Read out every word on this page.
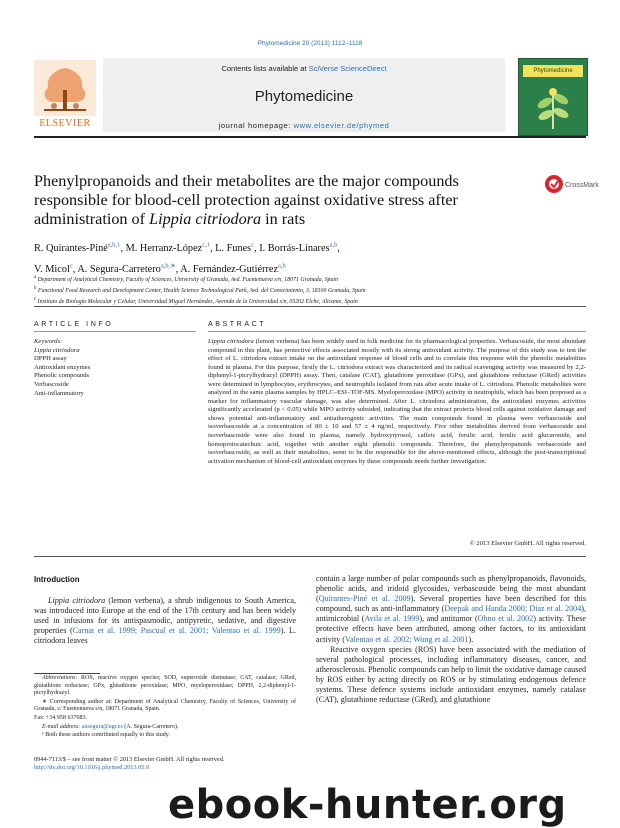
Phytomedicine 20 (2013) 1112–1118
Contents lists available at SciVerse ScienceDirect
Phytomedicine
journal homepage: www.elsevier.de/phymed
ELSEVIER
Phytomedicine
Phenylpropanoids and their metabolites are the major compounds responsible for blood-cell protection against oxidative stress after administration of Lippia citriodora in rats
CrossMark
R. Quirantes-Piné$^{a,b,1}$, M. Herranz-López$^{c,1}$, L. Funes$^c$, I. Borrás-Linares$^{a,b}$,
V. Micol$^c$, A. Segura-Carretero$^{a,b,∗}$, A. Fernández-Gutiérrez$^{a,b}$
$^a$ Department of Analytical Chemistry, Faculty of Sciences, University of Granada, Avd. Fuentenueva s/n, 18071 Granada, Spain
$^b$ Functional Food Research and Development Center, Health Science Technological Park, Avd. del Conocimiento, 3, 18100 Granada, Spain
$^c$ Instituto de Biología Molecular y Celular, Universidad Miguel Hernández, Avenida de la Universidad s/n, 03202 Elche, Alicante, Spain
ARTICLE INFO	ABSTRACT
Keywords:
Lippia citriodora
DPPH assay
Antioxidant enzymes
Phenolic compounds
Verbascoside
Anti-inflammatory
Lippia citriodora (lemon verbena) has been widely used in folk medicine for its pharmacological properties. Verbascoside, the most abundant compound in this plant, has protective effects associated mostly with its strong antioxidant activity. The purpose of this study was to test the effect of L. citriodora extract intake on the antioxidant response of blood cells and to correlate this response with the phenolic metabolites found in plasma. For this purpose, firstly the L. citriodora extract was characterized and its radical scavenging activity was measured by 2,2-diphenyl-1-picrylhydrazyl (DPPH) assay. Then, catalase (CAT), glutathione peroxidase (GPx), and glutathione reductase (GRed) activities were determined in lymphocytes, erythrocytes, and neutrophils isolated from rats after acute intake of L. citriodora. Phenolic metabolites were analyzed in the same plasma samples by HPLC–ESI–TOF-MS. Myeloperoxidase (MPO) activity in neutrophils, which has been proposed as a marker for inflammatory vascular damage, was also determined. After L. citriodora administration, the antioxidant enzymes activities significantly accelerated (p < 0.05) while MPO activity subsided, indicating that the extract protects blood cells against oxidative damage and shows potential anti-inflammatory and antiatherogenic activities. The main compounds found in plasma were verbascoside and isoverbascoside at a concentration of 80 ± 10 and 57 ± 4 ng/ml, respectively. Five other metabolites derived from verbascoside and isoverbascoside were also found in plasma, namely hydroxytyrosol, caffeic acid, ferulic acid, ferulic acid glucuronide, and homoprotocatechuic acid, together with another eight phenolic compounds. Therefore, the phenylpropanoids verbascoside and isoverbascoside, as well as their metabolites, seem to be the responsible for the above-mentioned effects, although the post-transcriptional activation mechanism of blood-cell antioxidant enzymes by these compounds needs further investigation.
© 2013 Elsevier GmbH. All rights reserved.
Introduction
Lippia citriodora (lemon verbena), a shrub indigenous to South America, was introduced into Europe at the end of the 17th century and has been widely used in infusions for its antispasmodic, antipyretic, sedative, and digestive properties (Carnat et al. 1999; Pascual et al. 2001; Valentao et al. 1999). L. citriodora leaves

contain a large number of polar compounds such as phenylpropanoids, flavonoids, phenolic acids, and iridoid glycosides, verbascoside being the most abundant (Quirantes-Piné et al. 2009). Several properties have been described for this compound, such as anti-inflammatory (Deepak and Handa 2000; Diaz et al. 2004), antimicrobial (Avila et al. 1999), and antitumor (Ohno et al. 2002) activity. These protective effects have been attributed, among other factors, to its antioxidant activity (Valentao et al. 2002; Wong et al. 2001).

Reactive oxygen species (ROS) have been associated with the mediation of several pathological processes, including inflammatory diseases, cancer, and atherosclerosis. Phenolic compounds can help to limit the oxidative damage caused by ROS either by acting directly on ROS or by stimulating endogenous defence systems. These defence systems include antioxidant enzymes, namely catalase (CAT), glutathione reductase (GRed), and glutathione

Abbreviations: ROS, reactive oxygen species; SOD, superoxide dismutase; CAT, catalase; GRed, glutathione reductase; GPx, glutathione peroxidase; MPO, myeloperoxidase; DPPH, 2,2-diphenyl-1-picrylhydrazyl.

∗ Corresponding author at: Department of Analytical Chemistry, Faculty of Sciences, University of Granada, c/ Fuentenueva s/n, 18071 Granada, Spain.

Fax: +34 958 637083.

E-mail address: ansegura@ugr.es (A. Segura-Carretero).

¹ Both these authors contributed equally to this study.

0944-7113/$ – see front matter © 2013 Elsevier GmbH. All rights reserved.
http://dx.doi.org/10.1016/j.phymed.2013.05.0
ebook-hunter.org
